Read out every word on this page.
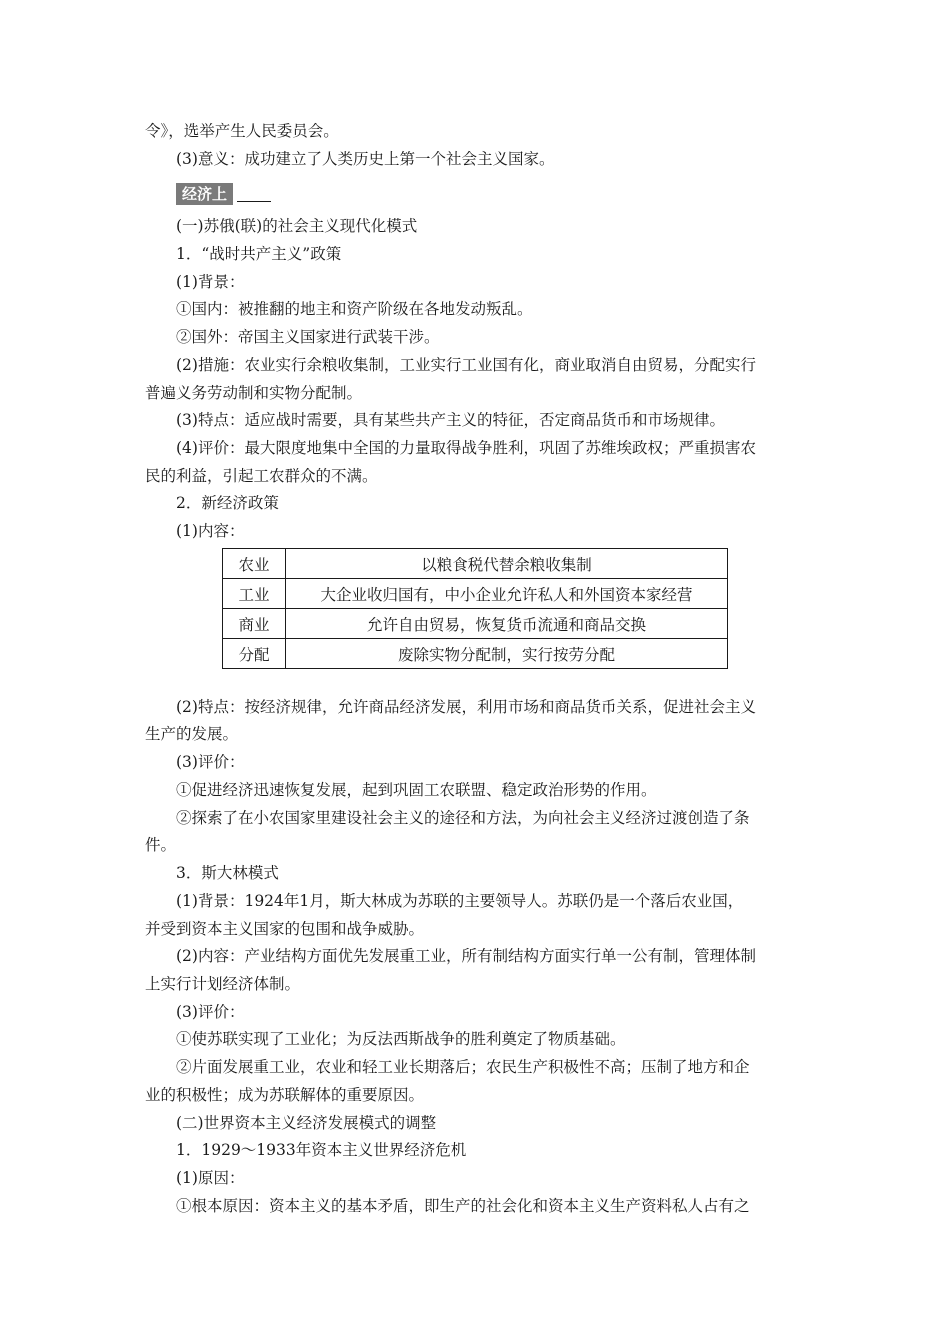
令》，选举产生人民委员会。
(3)意义：成功建立了人类历史上第一个社会主义国家。
经济上
(一)苏俄(联)的社会主义现代化模式
1．“战时共产主义”政策
(1)背景：
①国内：被推翻的地主和资产阶级在各地发动叛乱。
②国外：帝国主义国家进行武装干涉。
(2)措施：农业实行余粮收集制，工业实行工业国有化，商业取消自由贸易，分配实行
普遍义务劳动制和实物分配制。
(3)特点：适应战时需要，具有某些共产主义的特征，否定商品货币和市场规律。
(4)评价：最大限度地集中全国的力量取得战争胜利，巩固了苏维埃政权；严重损害农
民的利益，引起工农群众的不满。
2．新经济政策
(1)内容：
农业	以粮食税代替余粮收集制
工业	大企业收归国有，中小企业允许私人和外国资本家经营
商业	允许自由贸易，恢复货币流通和商品交换
分配	废除实物分配制，实行按劳分配
(2)特点：按经济规律，允许商品经济发展，利用市场和商品货币关系，促进社会主义
生产的发展。
(3)评价：
①促进经济迅速恢复发展，起到巩固工农联盟、稳定政治形势的作用。
②探索了在小农国家里建设社会主义的途径和方法，为向社会主义经济过渡创造了条
件。
3．斯大林模式
(1)背景：1924年1月，斯大林成为苏联的主要领导人。苏联仍是一个落后农业国，
并受到资本主义国家的包围和战争威胁。
(2)内容：产业结构方面优先发展重工业，所有制结构方面实行单一公有制，管理体制
上实行计划经济体制。
(3)评价：
①使苏联实现了工业化；为反法西斯战争的胜利奠定了物质基础。
②片面发展重工业，农业和轻工业长期落后；农民生产积极性不高；压制了地方和企
业的积极性；成为苏联解体的重要原因。
(二)世界资本主义经济发展模式的调整
1．1929～1933年资本主义世界经济危机
(1)原因：
①根本原因：资本主义的基本矛盾，即生产的社会化和资本主义生产资料私人占有之
